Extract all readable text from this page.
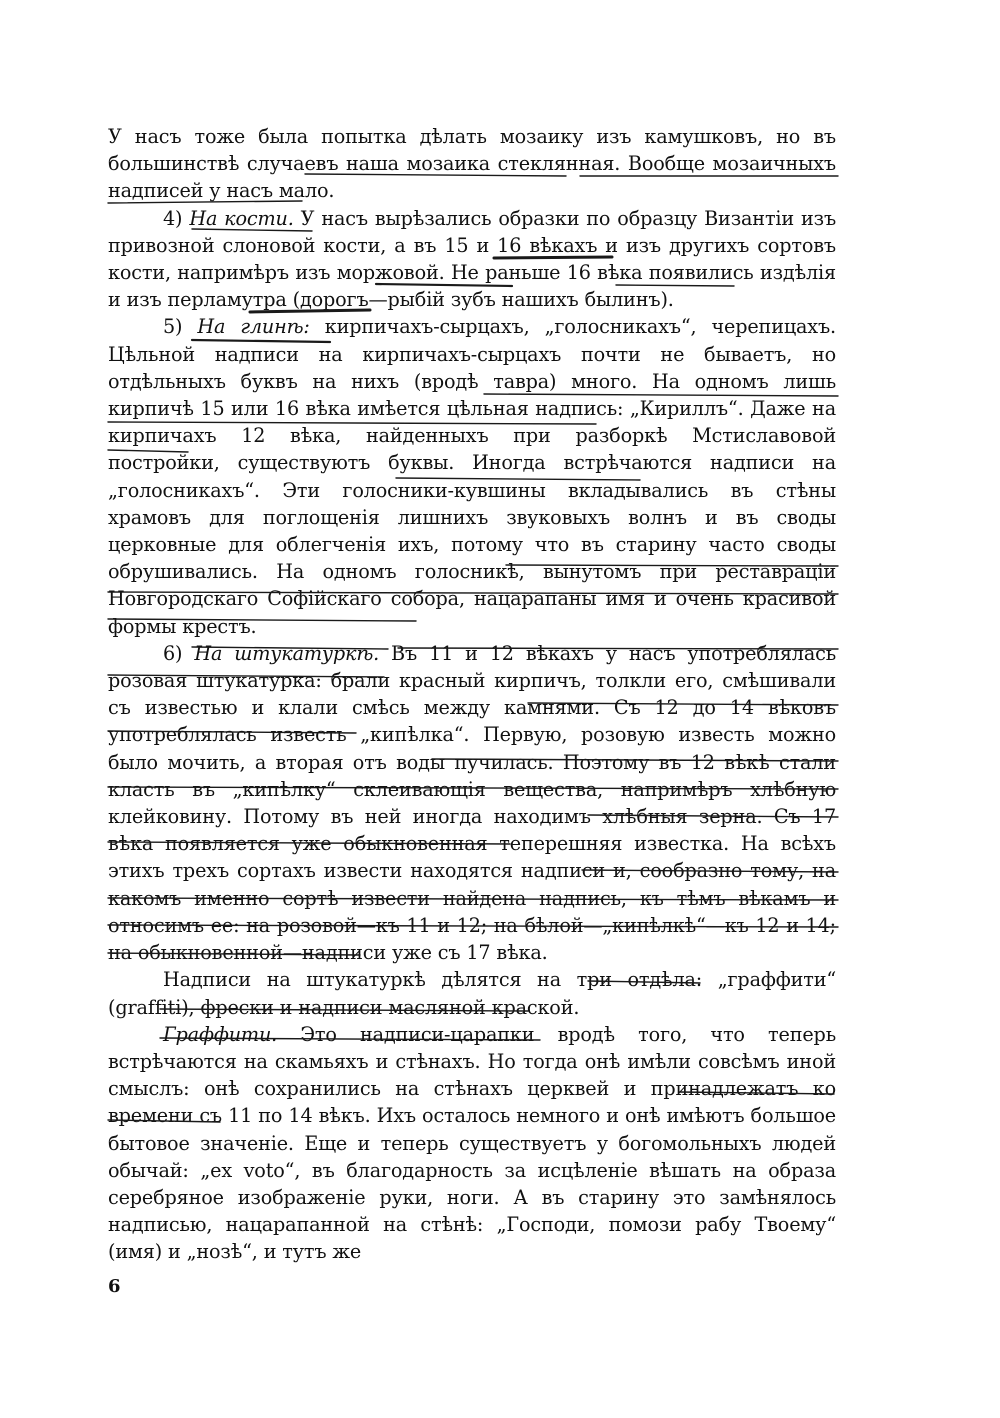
У насъ тоже была попытка дѣлать мозаику изъ камушковъ, но въ большинствѣ случаевъ наша мозаика стеклянная. Вообще мозаичныхъ надписей у насъ мало.

4) На кости. У насъ вырѣзались образки по образцу Византіи изъ привозной слоновой кости, а въ 15 и 16 вѣкахъ и изъ другихъ сортовъ кости, напримѣръ изъ моржовой. Не раньше 16 вѣка появились издѣлія и изъ перламутра (дорогъ—рыбій зубъ нашихъ былинъ).

5) На глинѣ: кирпичахъ-сырцахъ, „голосникахъ“, черепицахъ. Цѣльной надписи на кирпичахъ-сырцахъ почти не бываетъ, но отдѣльныхъ буквъ на нихъ (вродѣ тавра) много. На одномъ лишь кирпичѣ 15 или 16 вѣка имѣется цѣльная надпись: „Кириллъ“. Даже на кирпичахъ 12 вѣка, найденныхъ при разборкѣ Мстиславовой постройки, существуютъ буквы. Иногда встрѣчаются надписи на „голосникахъ“. Эти голосники-кувшины вкладывались въ стѣны храмовъ для поглощенія лишнихъ звуковыхъ волнъ и въ своды церковные для облегченія ихъ, потому что въ старину часто своды обрушивались. На одномъ голосникѣ, вынутомъ при реставраціи Новгородскаго Софійскаго собора, нацарапаны имя и очень красивой формы крестъ.

6) На штукатуркѣ. Въ 11 и 12 вѣкахъ у насъ употреблялась розовая штукатурка: брали красный кирпичъ, толкли его, смѣшивали съ известью и клали смѣсь между камнями. Съ 12 до 14 вѣковъ употреблялась известь „кипѣлка“. Первую, розовую известь можно было мочить, а вторая отъ воды пучилась. Поэтому въ 12 вѣкѣ стали класть въ „кипѣлку“ склеивающія вещества, напримѣръ хлѣбную клейковину. Потому въ ней иногда находимъ хлѣбныя зерна. Съ 17 вѣка появляется уже обыкновенная теперешняя известка. На всѣхъ этихъ трехъ сортахъ извести находятся надписи и, сообразно тому, на какомъ именно сортѣ извести найдена надпись, къ тѣмъ вѣкамъ и относимъ ее: на розовой—къ 11 и 12; на бѣлой—„кипѣлкѣ“—къ 12 и 14; на обыкновенной—надписи уже съ 17 вѣка.

Надписи на штукатуркѣ дѣлятся на три отдѣла: „граффити“ (graffiti), фрески и надписи масляной краской.

Граффити. Это надписи-царапки вродѣ того, что теперь встрѣчаются на скамьяхъ и стѣнахъ. Но тогда онѣ имѣли совсѣмъ иной смыслъ: онѣ сохранились на стѣнахъ церквей и принадлежатъ ко времени съ 11 по 14 вѣкъ. Ихъ осталось немного и онѣ имѣютъ большое бытовое значеніе. Еще и теперь существуетъ у богомольныхъ людей обычай: „ex voto“, въ благодарность за исцѣленіе вѣшать на образа серебряное изображеніе руки, ноги. А въ старину это замѣнялось надписью, нацарапанной на стѣнѣ: „Господи, помози рабу Твоему“ (имя) и „нозѣ“, и тутъ же

6
